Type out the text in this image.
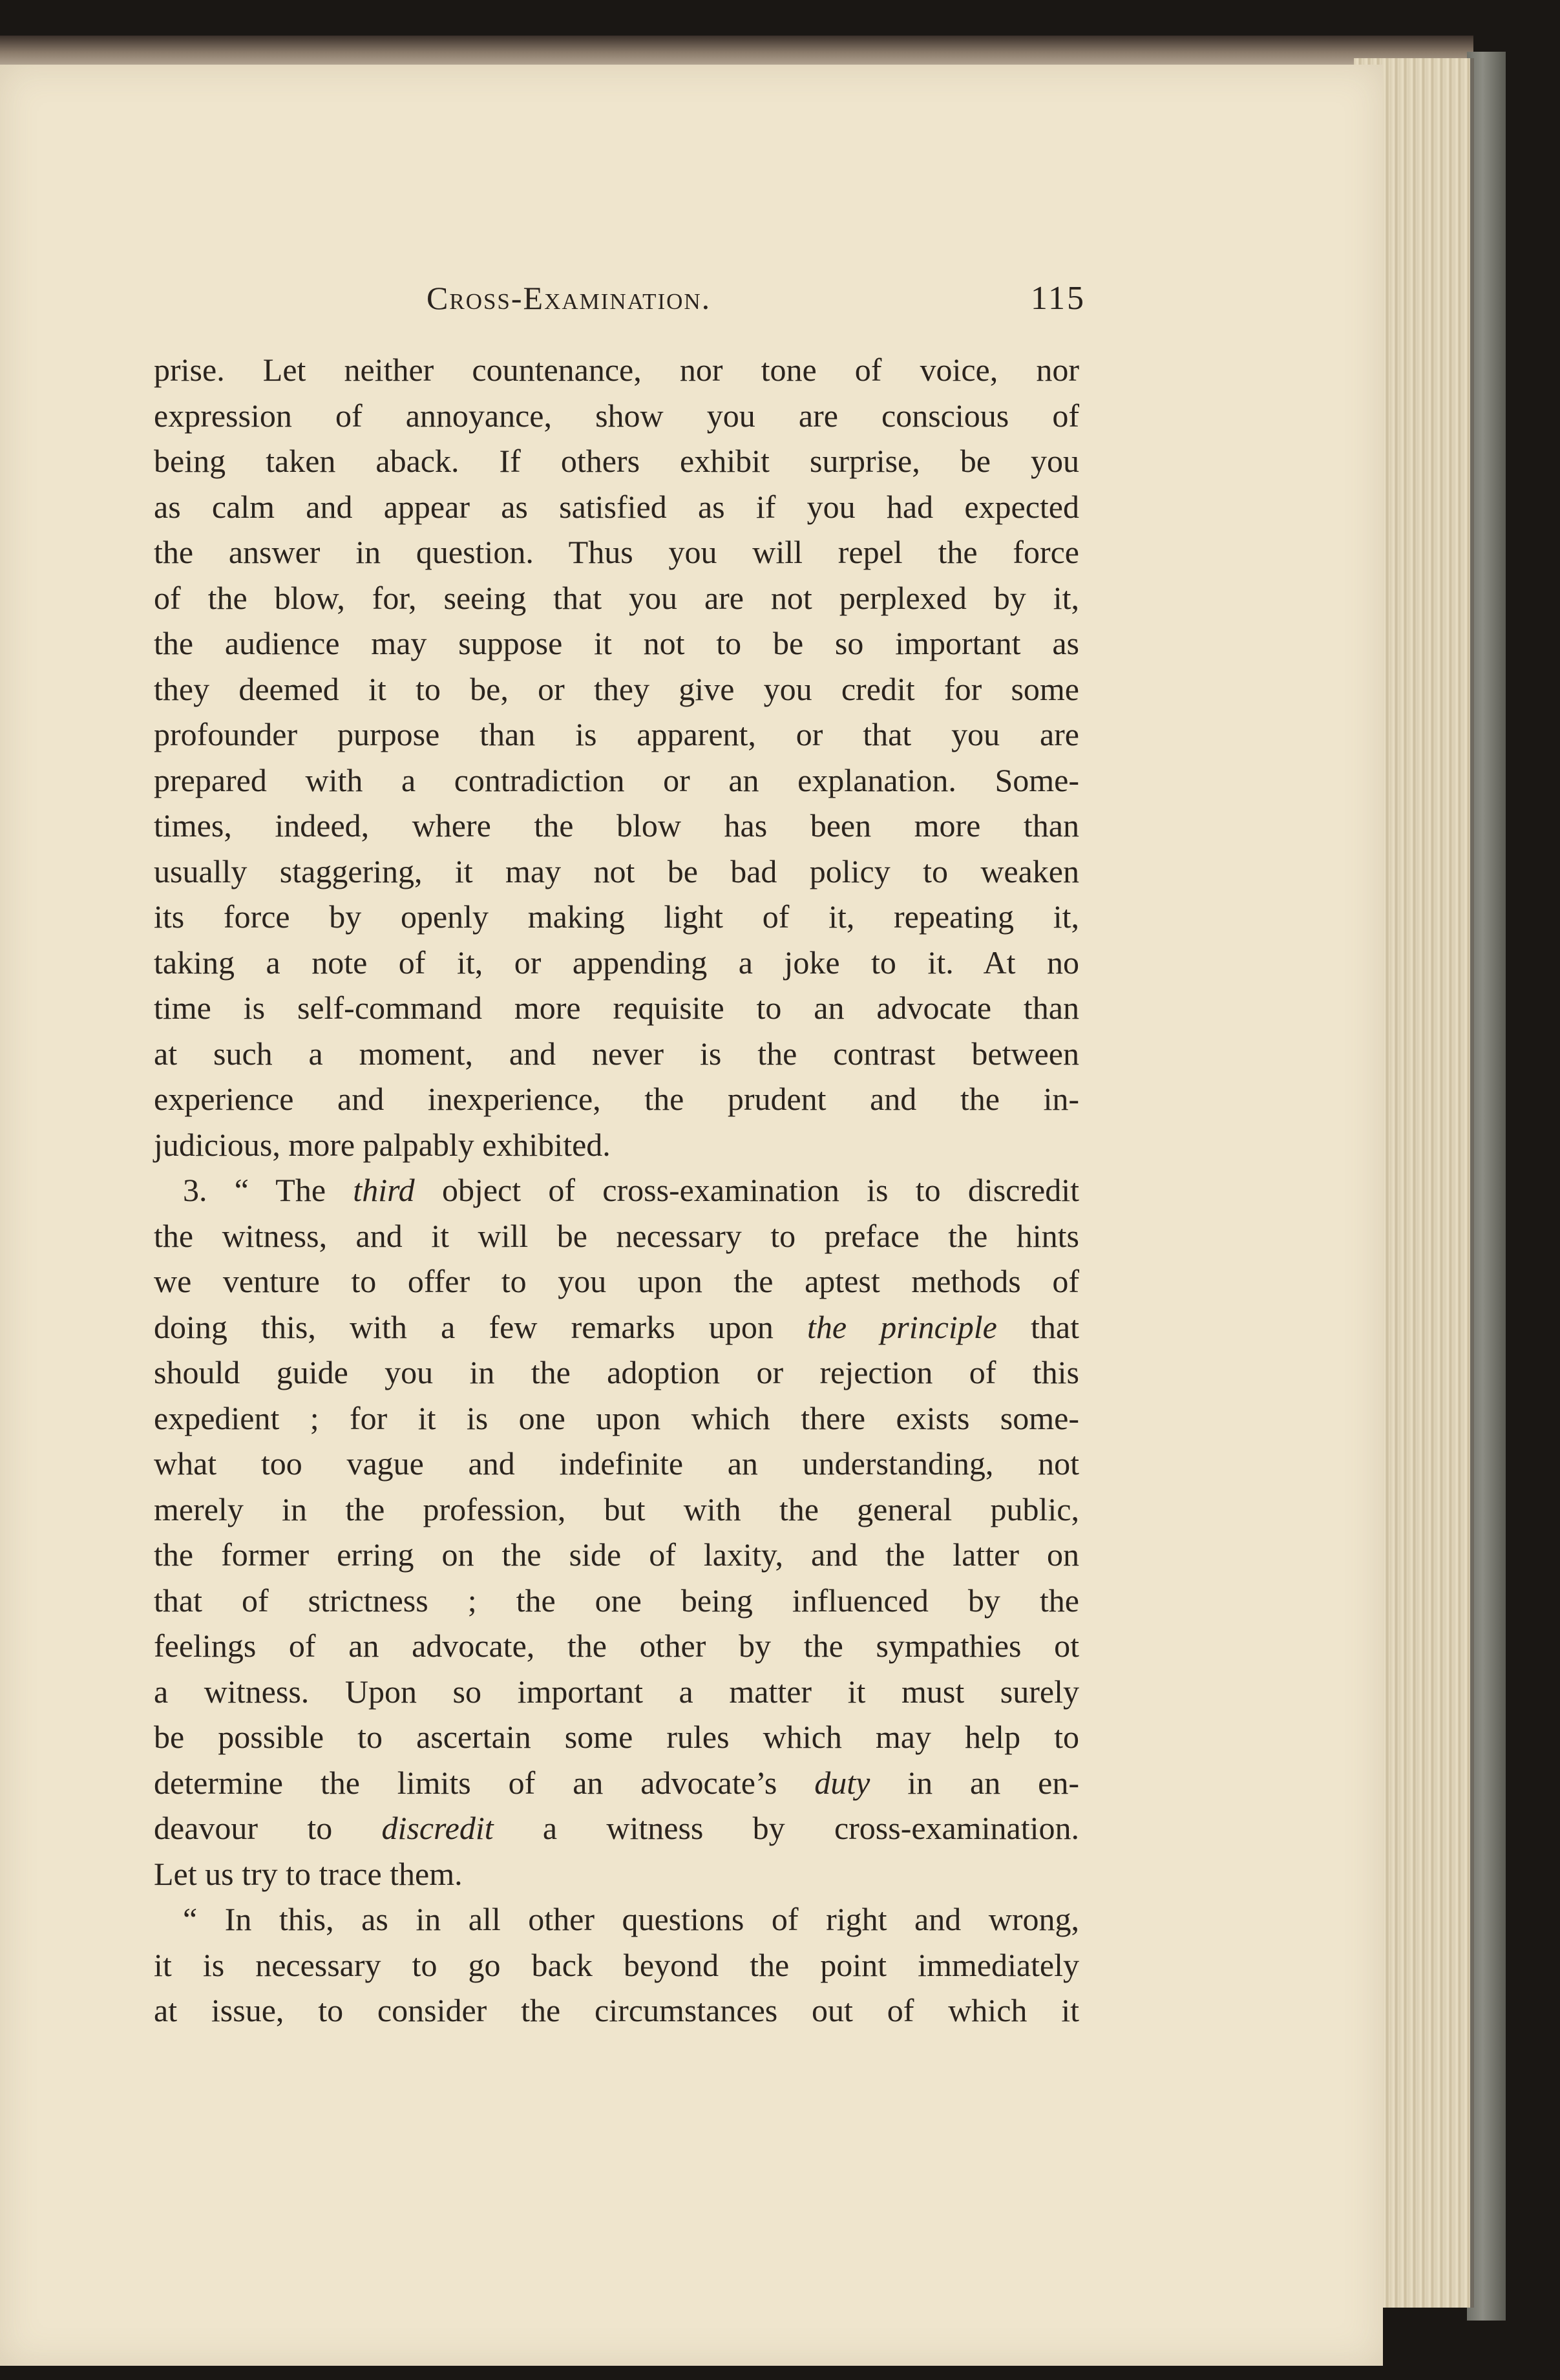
Cross-Examination.	115
prise. Let neither countenance, nor tone of voice, nor
expression of annoyance, show you are conscious of
being taken aback. If others exhibit surprise, be you
as calm and appear as satisfied as if you had expected
the answer in question. Thus you will repel the force
of the blow, for, seeing that you are not perplexed by it,
the audience may suppose it not to be so important as
they deemed it to be, or they give you credit for some
profounder purpose than is apparent, or that you are
prepared with a contradiction or an explanation. Some-
times, indeed, where the blow has been more than
usually staggering, it may not be bad policy to weaken
its force by openly making light of it, repeating it,
taking a note of it, or appending a joke to it. At no
time is self-command more requisite to an advocate than
at such a moment, and never is the contrast between
experience and inexperience, the prudent and the in-
judicious, more palpably exhibited.
3. “ The third object of cross-examination is to discredit
the witness, and it will be necessary to preface the hints
we venture to offer to you upon the aptest methods of
doing this, with a few remarks upon the principle that
should guide you in the adoption or rejection of this
expedient ; for it is one upon which there exists some-
what too vague and indefinite an understanding, not
merely in the profession, but with the general public,
the former erring on the side of laxity, and the latter on
that of strictness ; the one being influenced by the
feelings of an advocate, the other by the sympathies ot
a witness. Upon so important a matter it must surely
be possible to ascertain some rules which may help to
determine the limits of an advocate’s duty in an en-
deavour to discredit a witness by cross-examination.
Let us try to trace them.
“ In this, as in all other questions of right and wrong,
it is necessary to go back beyond the point immediately
at issue, to consider the circumstances out of which it
